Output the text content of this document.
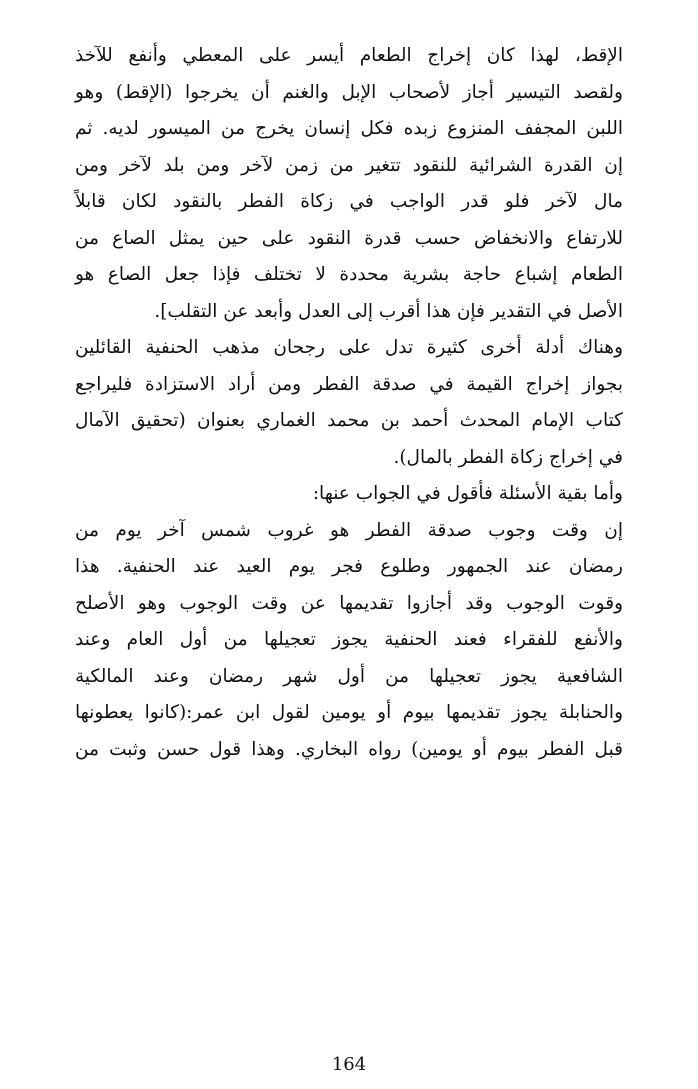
الإقط، لهذا كان إخراج الطعام أيسر على المعطي وأنفع للآخذ
ولقصد التيسير أجاز لأصحاب الإبل والغنم أن يخرجوا (الإقط) وهو
اللبن المجفف المنزوع زبده فكل إنسان يخرج من الميسور لديه. ثم
إن القدرة الشرائية للنقود تتغير من زمن لآخر ومن بلد لآخر ومن
مال لآخر فلو قدر الواجب في زكاة الفطر بالنقود لكان قابلاً
للارتفاع والانخفاض حسب قدرة النقود على حين يمثل الصاع من
الطعام إشباع حاجة بشرية محددة لا تختلف فإذا جعل الصاع هو
الأصل في التقدير فإن هذا أقرب إلى العدل وأبعد عن التقلب].
وهناك أدلة أخرى كثيرة تدل على رجحان مذهب الحنفية القائلين
بجواز إخراج القيمة في صدقة الفطر ومن أراد الاستزادة فليراجع
كتاب الإمام المحدث أحمد بن محمد الغماري بعنوان (تحقيق الآمال
في إخراج زكاة الفطر بالمال).
وأما بقية الأسئلة فأقول في الجواب عنها:
إن وقت وجوب صدقة الفطر هو غروب شمس آخر يوم من
رمضان عند الجمهور وطلوع فجر يوم العيد عند الحنفية. هذا
وقوت الوجوب وقد أجازوا تقديمها عن وقت الوجوب وهو الأصلح
والأنفع للفقراء فعند الحنفية يجوز تعجيلها من أول العام وعند
الشافعية يجوز تعجيلها من أول شهر رمضان وعند المالكية
والحنابلة يجوز تقديمها بيوم أو يومين لقول ابن عمر:(كانوا يعطونها
قبل الفطر بيوم أو يومين) رواه البخاري. وهذا قول حسن وثبت من
164
